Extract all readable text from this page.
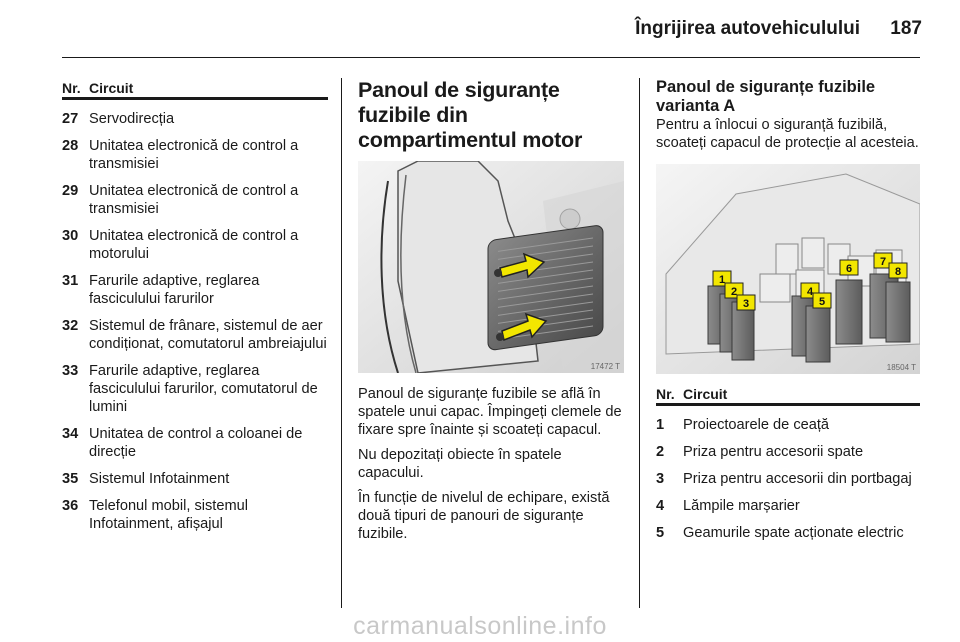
Îngrijirea autovehiculului	187
Nr. Circuit
27 Servodirecția
28 Unitatea electronică de control a transmisiei
29 Unitatea electronică de control a transmisiei
30 Unitatea electronică de control a motorului
31 Farurile adaptive, reglarea fasciculului farurilor
32 Sistemul de frânare, sistemul de aer condiționat, comutatorul ambreiajului
33 Farurile adaptive, reglarea fasciculului farurilor, comutatorul de lumini
34 Unitatea de control a coloanei de direcție
35 Sistemul Infotainment
36 Telefonul mobil, sistemul Infotainment, afișajul
Panoul de siguranțe fuzibile din compartimentul motor
17472 T

Panoul de siguranțe fuzibile se află în spatele unui capac. Împingeți clemele de fixare spre înainte și scoateți capacul.

Nu depozitați obiecte în spatele capacului.

În funcție de nivelul de echipare, există două tipuri de panouri de siguranțe fuzibile.

Panoul de siguranțe fuzibile varianta A

Pentru a înlocui o siguranță fuzibilă, scoateți capacul de protecție al acesteia.

1
2
3
4
5
6
7
8
18504 T
Nr. Circuit
1	Proiectoarele de ceață
2	Priza pentru accesorii spate
3	Priza pentru accesorii din portbagaj
4	Lămpile marșarier
5	Geamurile spate acționate electric
carmanualsonline.info
